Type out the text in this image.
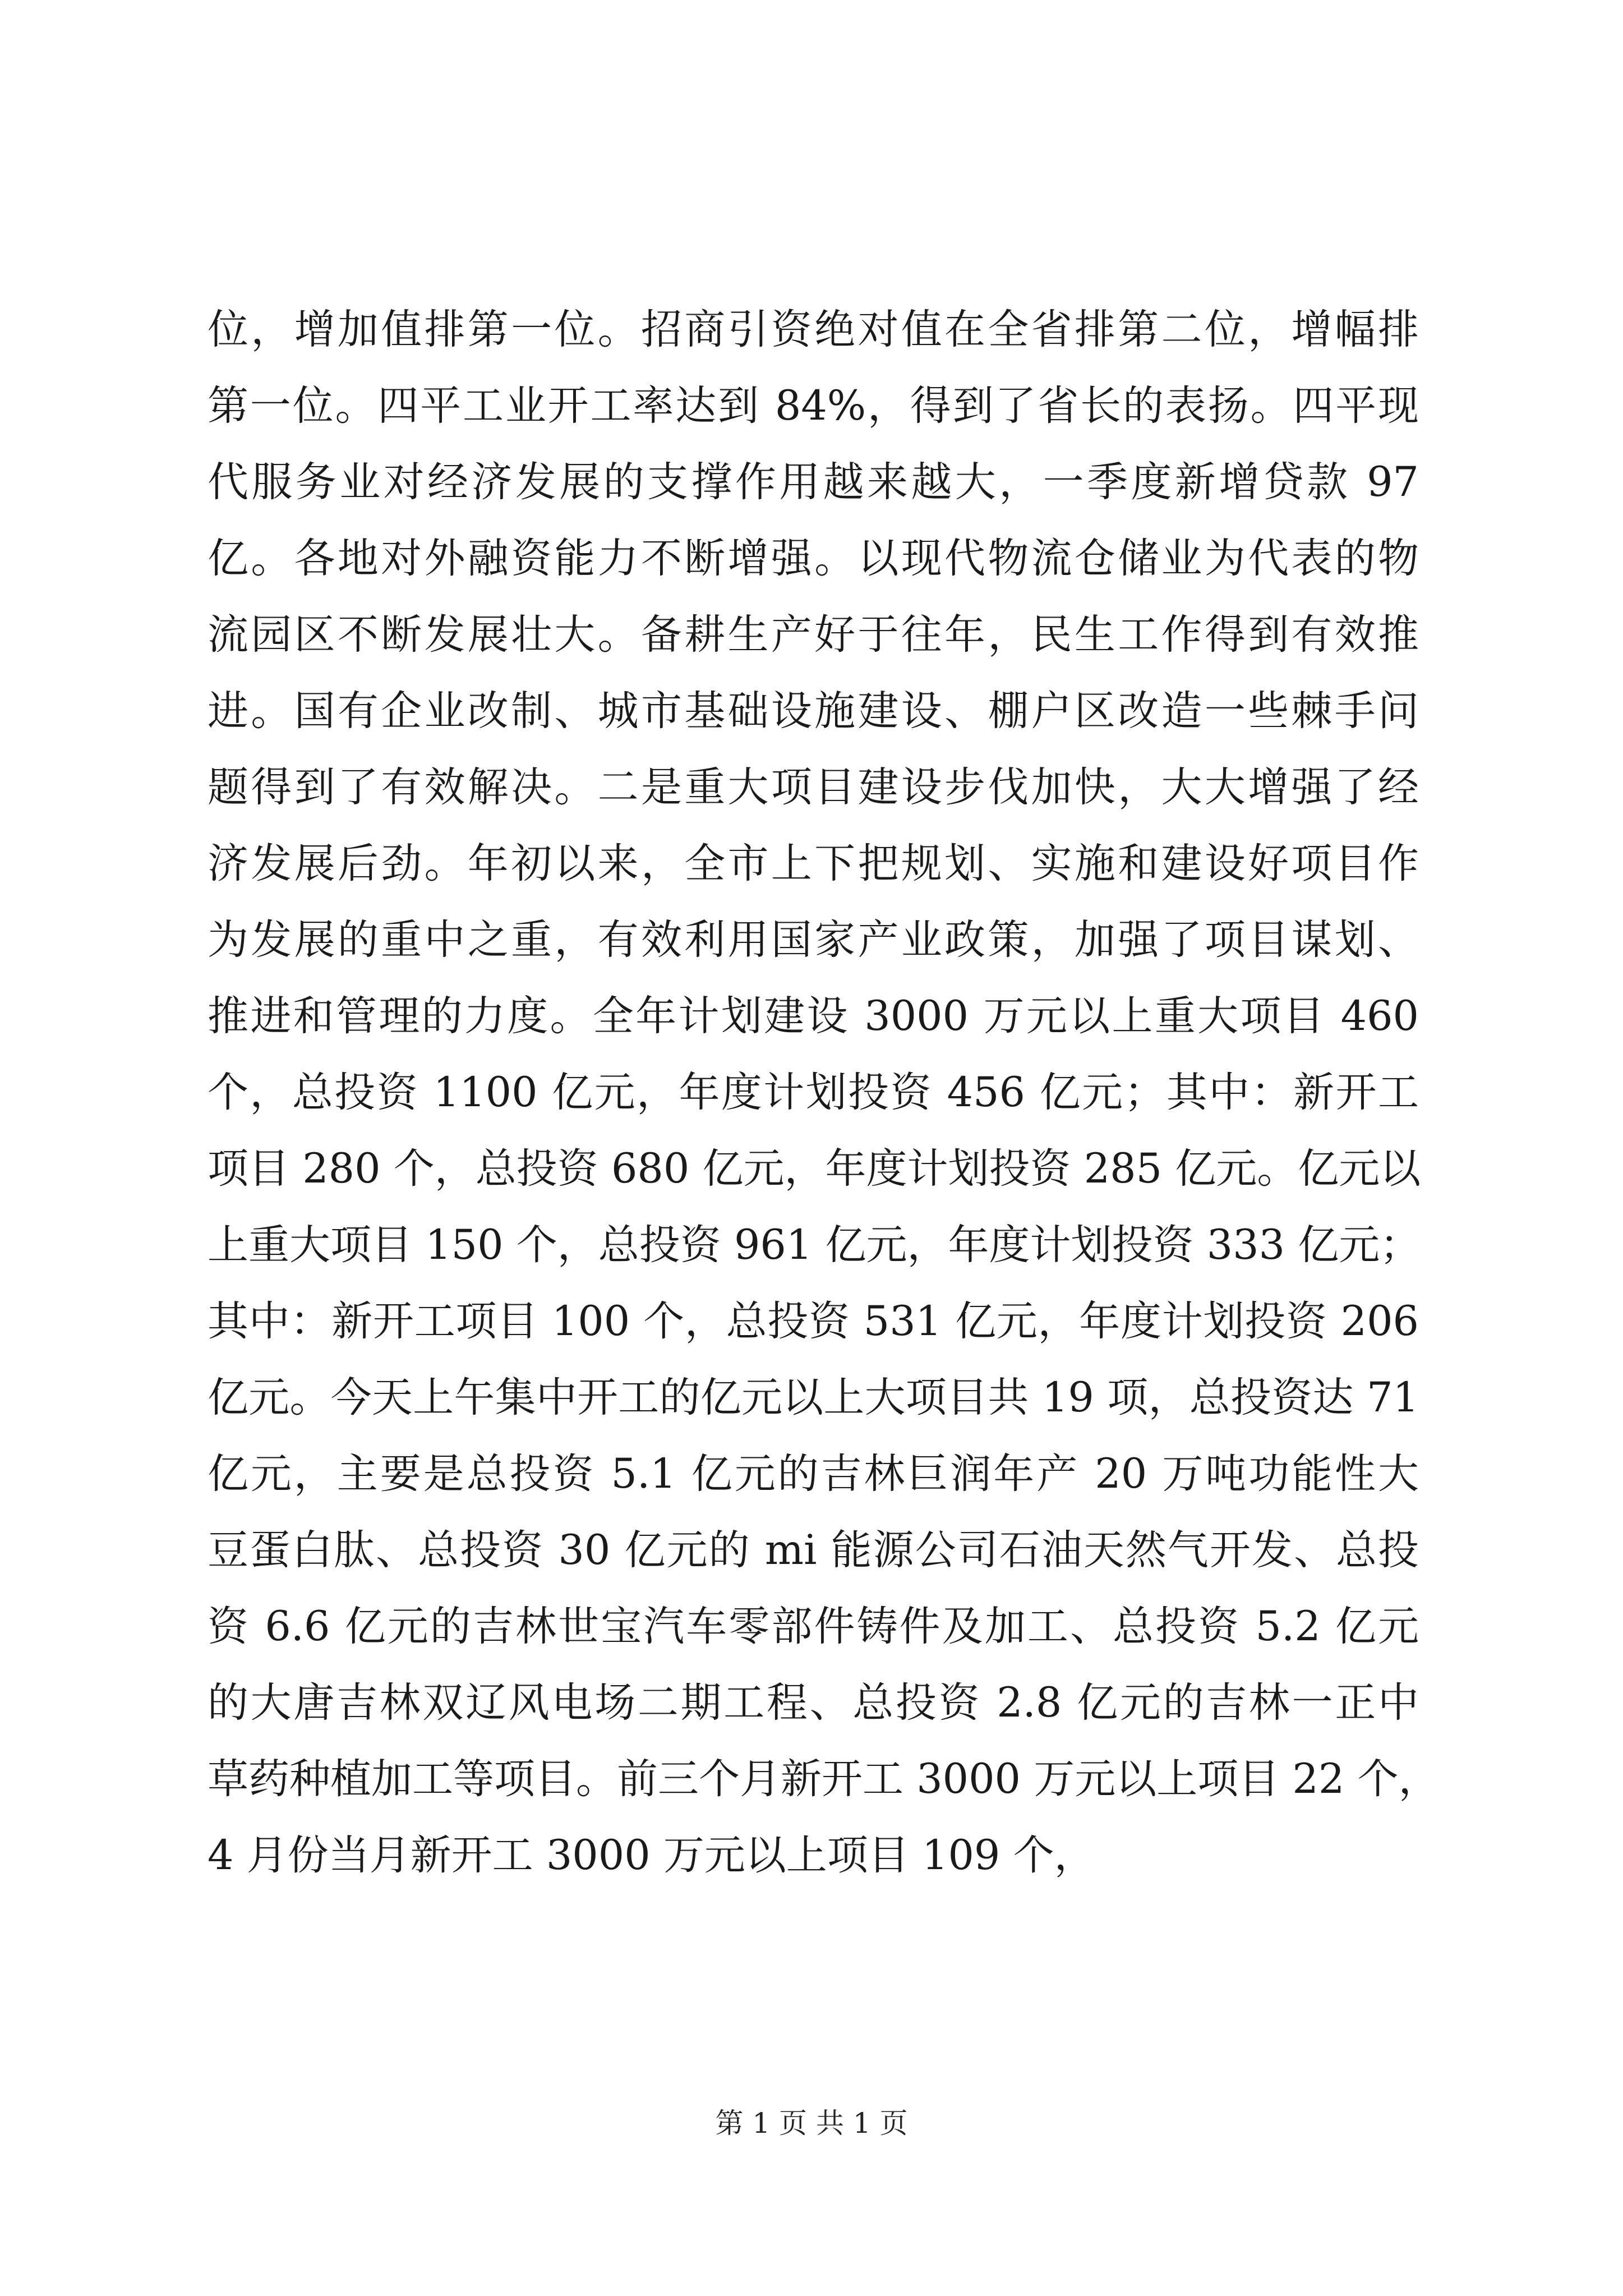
位，增加值排第一位。招商引资绝对值在全省排第二位，增幅排
第一位。四平工业开工率达到 84%，得到了省长的表扬。四平现
代服务业对经济发展的支撑作用越来越大，一季度新增贷款 97
亿。各地对外融资能力不断增强。以现代物流仓储业为代表的物
流园区不断发展壮大。备耕生产好于往年，民生工作得到有效推
进。国有企业改制、城市基础设施建设、棚户区改造一些棘手问
题得到了有效解决。二是重大项目建设步伐加快，大大增强了经
济发展后劲。年初以来，全市上下把规划、实施和建设好项目作
为发展的重中之重，有效利用国家产业政策，加强了项目谋划、
推进和管理的力度。全年计划建设 3000 万元以上重大项目 460
个，总投资 1100 亿元，年度计划投资 456 亿元；其中：新开工
项目 280 个，总投资 680 亿元，年度计划投资 285 亿元。亿元以
上重大项目 150 个，总投资 961 亿元，年度计划投资 333 亿元；
其中：新开工项目 100 个，总投资 531 亿元，年度计划投资 206
亿元。今天上午集中开工的亿元以上大项目共 19 项，总投资达 71
亿元，主要是总投资 5.1 亿元的吉林巨润年产 20 万吨功能性大
豆蛋白肽、总投资 30 亿元的 mi 能源公司石油天然气开发、总投
资 6.6 亿元的吉林世宝汽车零部件铸件及加工、总投资 5.2 亿元
的大唐吉林双辽风电场二期工程、总投资 2.8 亿元的吉林一正中
草药种植加工等项目。前三个月新开工 3000 万元以上项目 22 个，
4 月份当月新开工 3000 万元以上项目 109 个，
第 1 页 共 1 页
